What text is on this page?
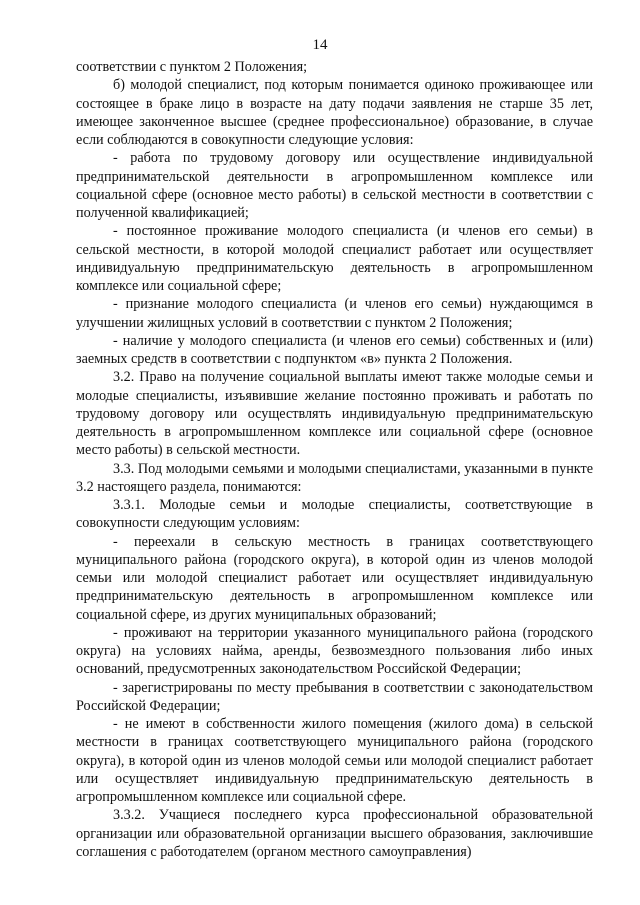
14

соответствии с пунктом 2 Положения;

б) молодой специалист, под которым понимается одиноко проживающее или состоящее в браке лицо в возрасте на дату подачи заявления не старше 35 лет, имеющее законченное высшее (среднее профессиональное) образование, в случае если соблюдаются в совокупности следующие условия:

- работа по трудовому договору или осуществление индивидуальной предпринимательской деятельности в агропромышленном комплексе или социальной сфере (основное место работы) в сельской местности в соответствии с полученной квалификацией;

- постоянное проживание молодого специалиста (и членов его семьи) в сельской местности, в которой молодой специалист работает или осуществляет индивидуальную предпринимательскую деятельность в агропромышленном комплексе или социальной сфере;

- признание молодого специалиста (и членов его семьи) нуждающимся в улучшении жилищных условий в соответствии с пунктом 2 Положения;

- наличие у молодого специалиста (и членов его семьи) собственных и (или) заемных средств в соответствии с подпунктом «в» пункта 2 Положения.

3.2. Право на получение социальной выплаты имеют также молодые семьи и молодые специалисты, изъявившие желание постоянно проживать и работать по трудовому договору или осуществлять индивидуальную предпринимательскую деятельность в агропромышленном комплексе или социальной сфере (основное место работы) в сельской местности.

3.3. Под молодыми семьями и молодыми специалистами, указанными в пункте 3.2 настоящего раздела, понимаются:

3.3.1. Молодые семьи и молодые специалисты, соответствующие в совокупности следующим условиям:

- переехали в сельскую местность в границах соответствующего муниципального района (городского округа), в которой один из членов молодой семьи или молодой специалист работает или осуществляет индивидуальную предпринимательскую деятельность в агропромышленном комплексе или социальной сфере, из других муниципальных образований;

- проживают на территории указанного муниципального района (городского округа) на условиях найма, аренды, безвозмездного пользования либо иных оснований, предусмотренных законодательством Российской Федерации;

- зарегистрированы по месту пребывания в соответствии с законодательством Российской Федерации;

- не имеют в собственности жилого помещения (жилого дома) в сельской местности в границах соответствующего муниципального района (городского округа), в которой один из членов молодой семьи или молодой специалист работает или осуществляет индивидуальную предпринимательскую деятельность в агропромышленном комплексе или социальной сфере.

3.3.2. Учащиеся последнего курса профессиональной образовательной организации или образовательной организации высшего образования, заключившие соглашения с работодателем (органом местного самоуправления)
